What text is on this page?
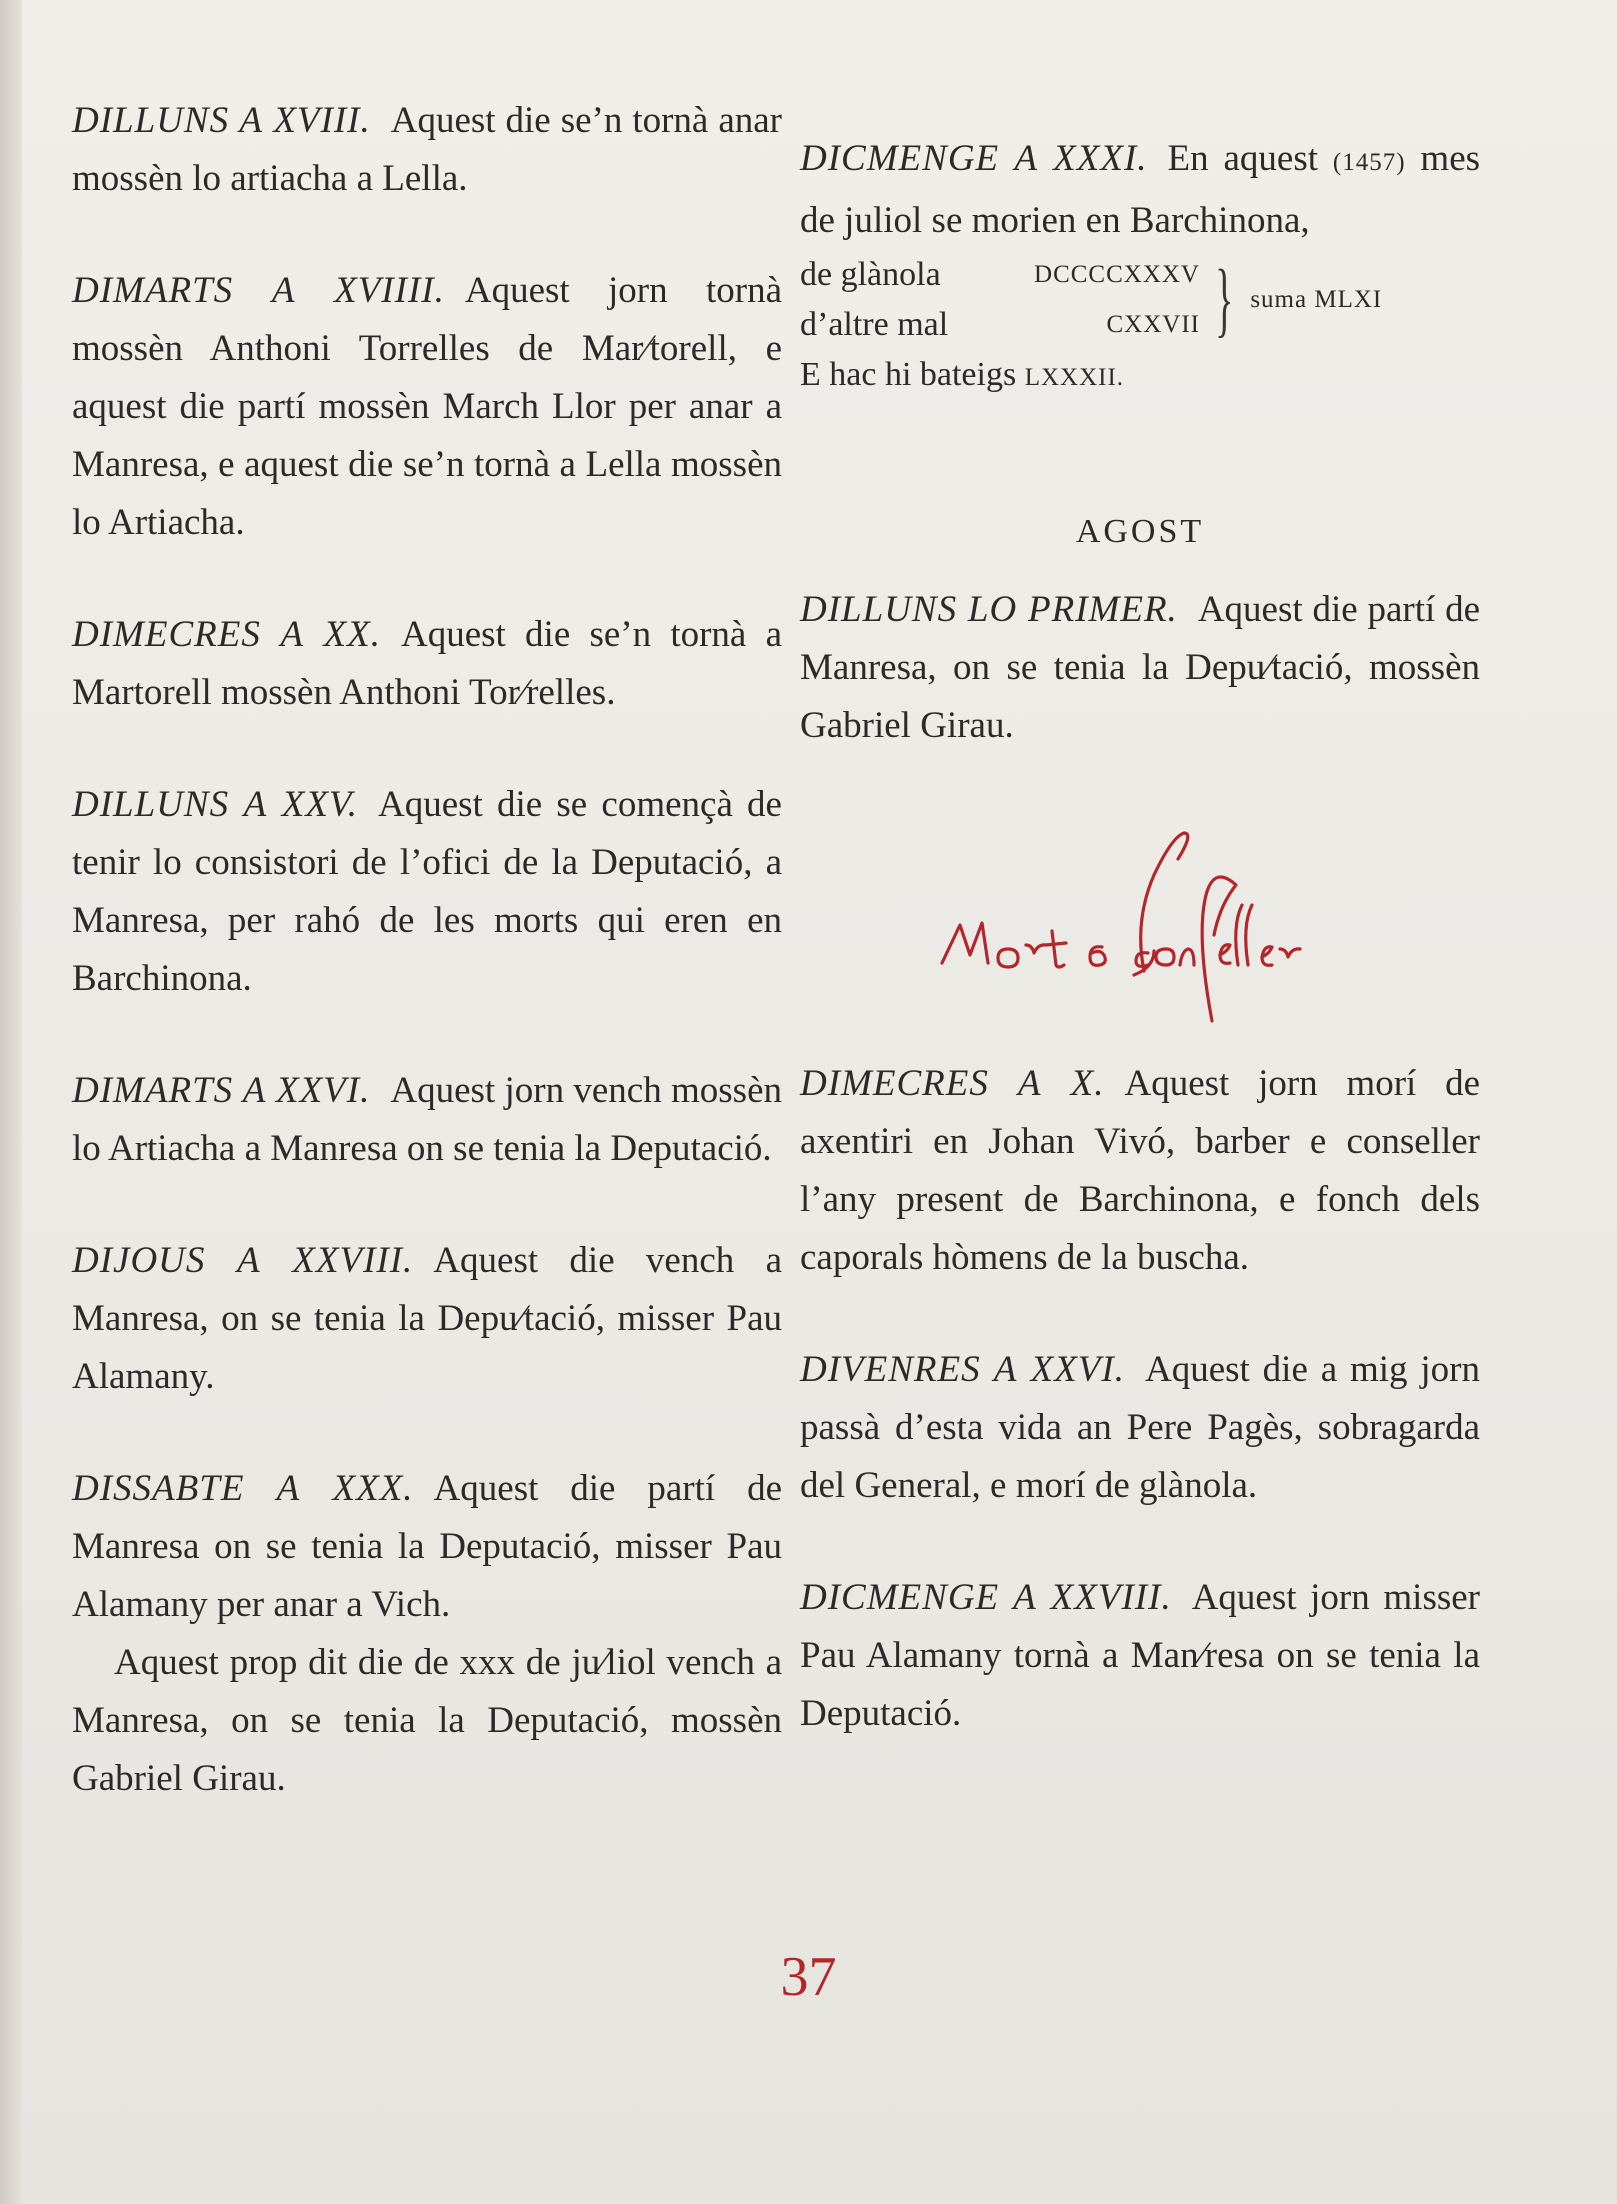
DILLUNS A XVIII. Aquest die se’n tornà anar mossèn lo artiacha a Lella.

DIMARTS A XVIIII. Aquest jorn tornà mossèn Anthoni Torrelles de Mar⁄torell, e aquest die partí mossèn March Llor per anar a Manresa, e aquest die se’n tornà a Lella mossèn lo Artiacha.

DIMECRES A XX. Aquest die se’n tornà a Martorell mossèn Anthoni Tor⁄relles.

DILLUNS A XXV. Aquest die se començà de tenir lo consistori de l’ofici de la Deputació, a Manresa, per rahó de les morts qui eren en Barchinona.

DIMARTS A XXVI. Aquest jorn vench mossèn lo Artiacha a Manresa on se tenia la Deputació.

DIJOUS A XXVIII. Aquest die vench a Manresa, on se tenia la Depu⁄tació, misser Pau Alamany.

DISSABTE A XXX. Aquest die partí de Manresa on se tenia la Deputació, misser Pau Alamany per anar a Vich.

Aquest prop dit die de xxx de ju⁄liol vench a Manresa, on se tenia la Deputació, mossèn Gabriel Girau.

DICMENGE A XXXI. En aquest (1457) mes de juliol se morien en Barchinona,

de glànola	DCCCCXXXV
d’altre mal	CXXVII } suma MLXI
E hac hi bateigs LXXXII.
AGOST

DILLUNS LO PRIMER. Aquest die partí de Manresa, on se tenia la Depu⁄tació, mossèn Gabriel Girau.

DIMECRES A X. Aquest jorn morí de axentiri en Johan Vivó, barber e conseller l’any present de Barchinona, e fonch dels caporals hòmens de la buscha.

DIVENRES A XXVI. Aquest die a mig jorn passà d’esta vida an Pere Pagès, sobragarda del General, e morí de glànola.

DICMENGE A XXVIII. Aquest jorn misser Pau Alamany tornà a Man⁄resa on se tenia la Deputació.

37
